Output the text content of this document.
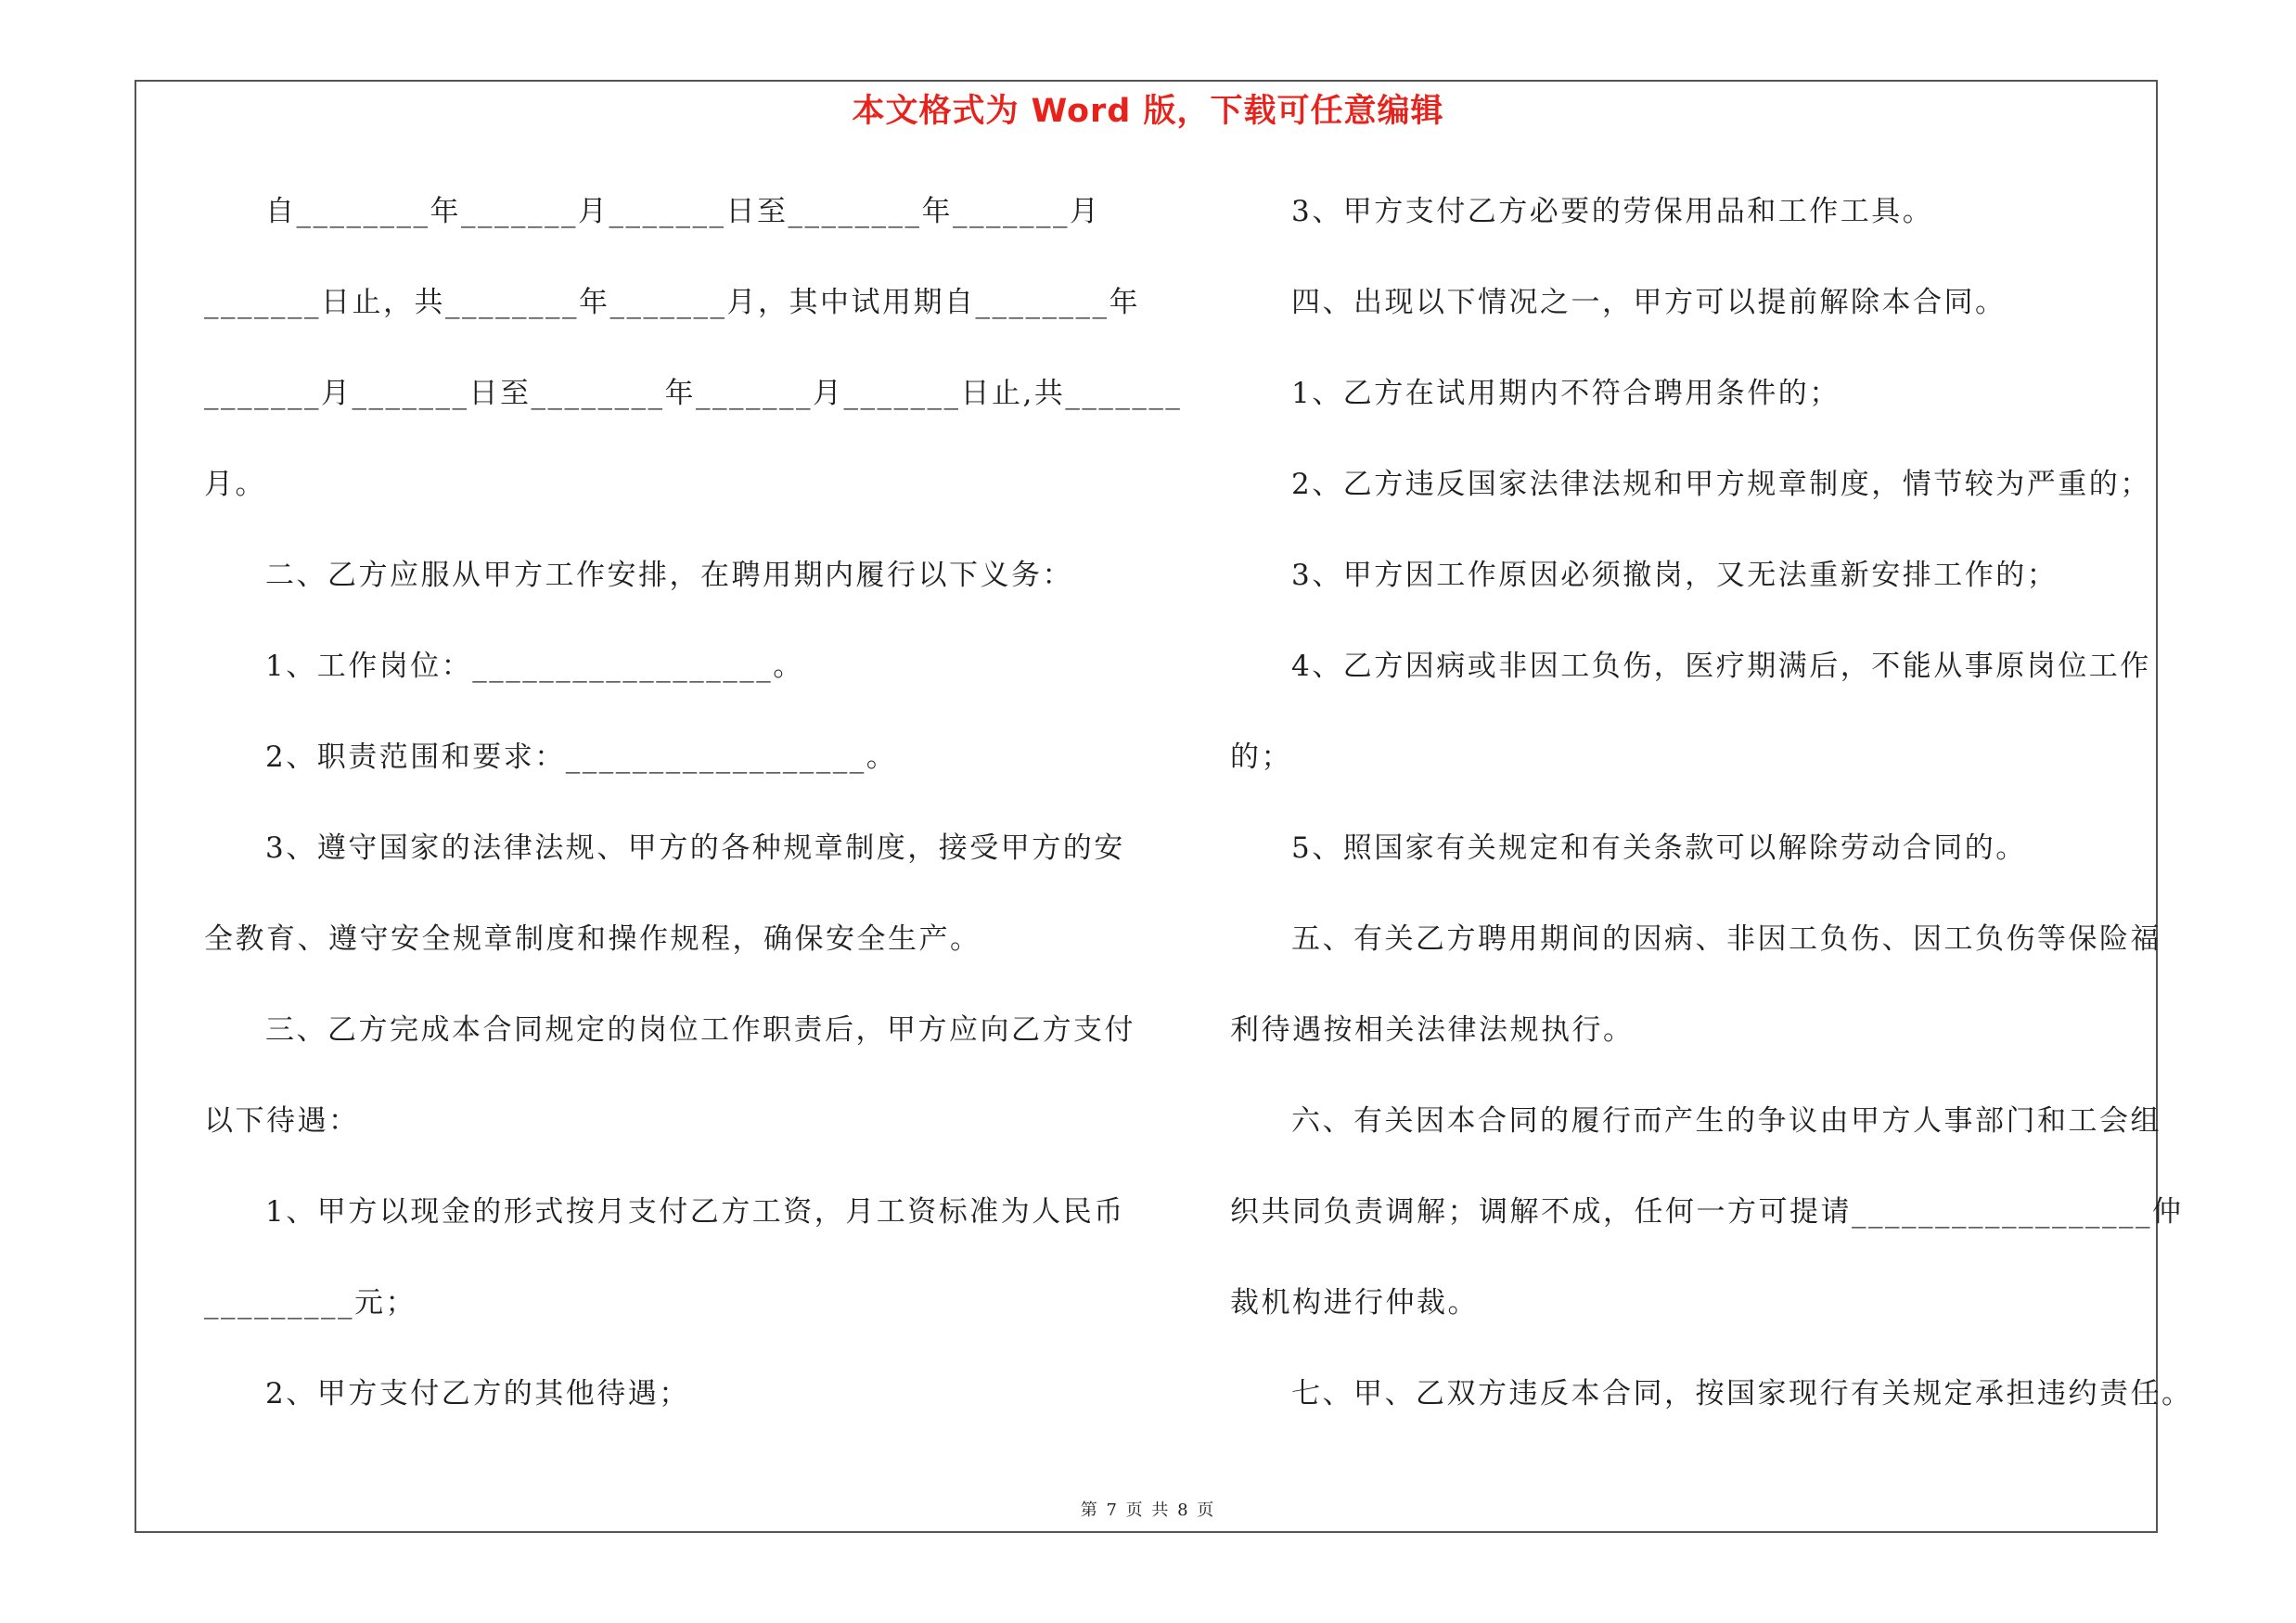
本文格式为 Word 版，下载可任意编辑
自________年_______月_______日至________年_______月
_______日止，共________年_______月，其中试用期自________年
_______月_______日至________年_______月_______日止,共_______
月。
二、乙方应服从甲方工作安排，在聘用期内履行以下义务：
1、工作岗位：__________________。
2、职责范围和要求：__________________。
3、遵守国家的法律法规、甲方的各种规章制度，接受甲方的安
全教育、遵守安全规章制度和操作规程，确保安全生产。
三、乙方完成本合同规定的岗位工作职责后，甲方应向乙方支付
以下待遇：
1、甲方以现金的形式按月支付乙方工资，月工资标准为人民币
_________元；
2、甲方支付乙方的其他待遇；
3、甲方支付乙方必要的劳保用品和工作工具。
四、出现以下情况之一，甲方可以提前解除本合同。
1、乙方在试用期内不符合聘用条件的；
2、乙方违反国家法律法规和甲方规章制度，情节较为严重的；
3、甲方因工作原因必须撤岗，又无法重新安排工作的；
4、乙方因病或非因工负伤，医疗期满后，不能从事原岗位工作
的；
5、照国家有关规定和有关条款可以解除劳动合同的。
五、有关乙方聘用期间的因病、非因工负伤、因工负伤等保险福
利待遇按相关法律法规执行。
六、有关因本合同的履行而产生的争议由甲方人事部门和工会组
织共同负责调解；调解不成，任何一方可提请__________________仲
裁机构进行仲裁。
七、甲、乙双方违反本合同，按国家现行有关规定承担违约责任。
第 7 页 共 8 页
